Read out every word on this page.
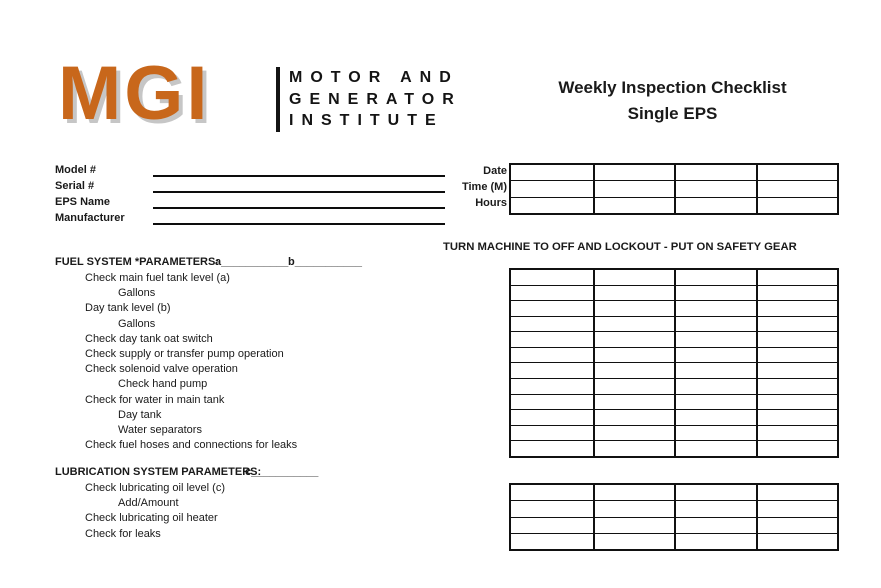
MGI	MOTOR AND
GENERATOR
INSTITUTE
Weekly Inspection Checklist
Single EPS
Model #
Serial #
EPS Name
Manufacturer
Date
Time (M)
Hours
TURN MACHINE TO OFF AND LOCKOUT - PUT ON SAFETY GEAR
FUEL SYSTEM *PARAMETERS:
a___________ b___________
Check main fuel tank level (a)
Gallons
Day tank level (b)
Gallons
Check day tank oat switch
Check supply or transfer pump operation
Check solenoid valve operation
Check hand pump
Check for water in main tank
Day tank
Water separators
Check fuel hoses and connections for leaks
LUBRICATION SYSTEM PARAMETERS:
c___________
Check lubricating oil level (c)
Add/Amount
Check lubricating oil heater
Check for leaks
